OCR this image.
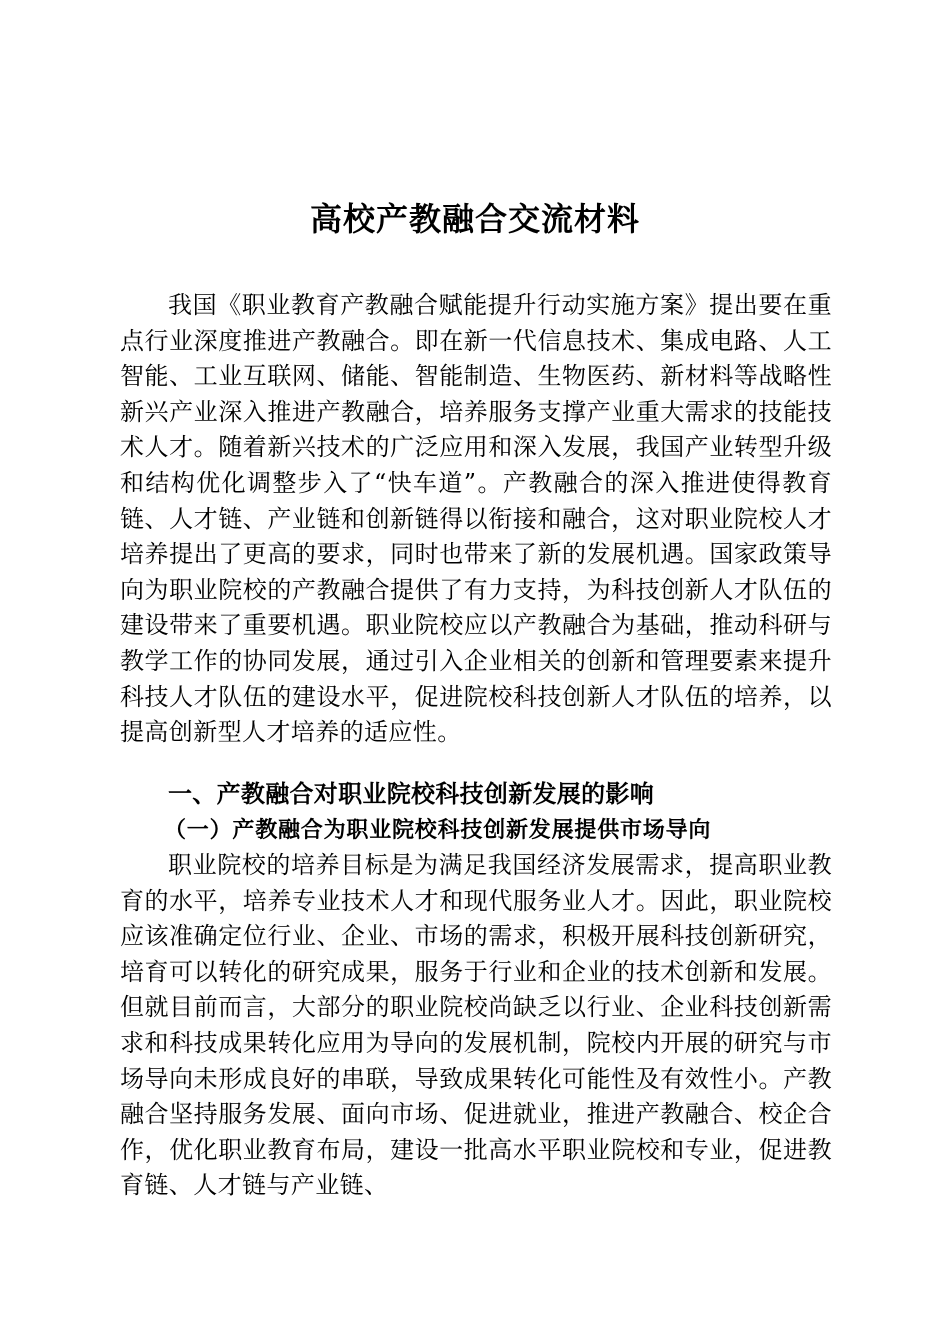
高校产教融合交流材料

我国《职业教育产教融合赋能提升行动实施方案》提出要在重点行业深度推进产教融合。即在新一代信息技术、集成电路、人工智能、工业互联网、储能、智能制造、生物医药、新材料等战略性新兴产业深入推进产教融合，培养服务支撑产业重大需求的技能技术人才。随着新兴技术的广泛应用和深入发展，我国产业转型升级和结构优化调整步入了“快车道”。产教融合的深入推进使得教育链、人才链、产业链和创新链得以衔接和融合，这对职业院校人才培养提出了更高的要求，同时也带来了新的发展机遇。国家政策导向为职业院校的产教融合提供了有力支持，为科技创新人才队伍的建设带来了重要机遇。职业院校应以产教融合为基础，推动科研与教学工作的协同发展，通过引入企业相关的创新和管理要素来提升科技人才队伍的建设水平，促进院校科技创新人才队伍的培养，以提高创新型人才培养的适应性。

一、产教融合对职业院校科技创新发展的影响
（一）产教融合为职业院校科技创新发展提供市场导向

职业院校的培养目标是为满足我国经济发展需求，提高职业教育的水平，培养专业技术人才和现代服务业人才。因此，职业院校应该准确定位行业、企业、市场的需求，积极开展科技创新研究，培育可以转化的研究成果，服务于行业和企业的技术创新和发展。但就目前而言，大部分的职业院校尚缺乏以行业、企业科技创新需求和科技成果转化应用为导向的发展机制，院校内开展的研究与市场导向未形成良好的串联，导致成果转化可能性及有效性小。产教融合坚持服务发展、面向市场、促进就业，推进产教融合、校企合作，优化职业教育布局，建设一批高水平职业院校和专业，促进教育链、人才链与产业链、
